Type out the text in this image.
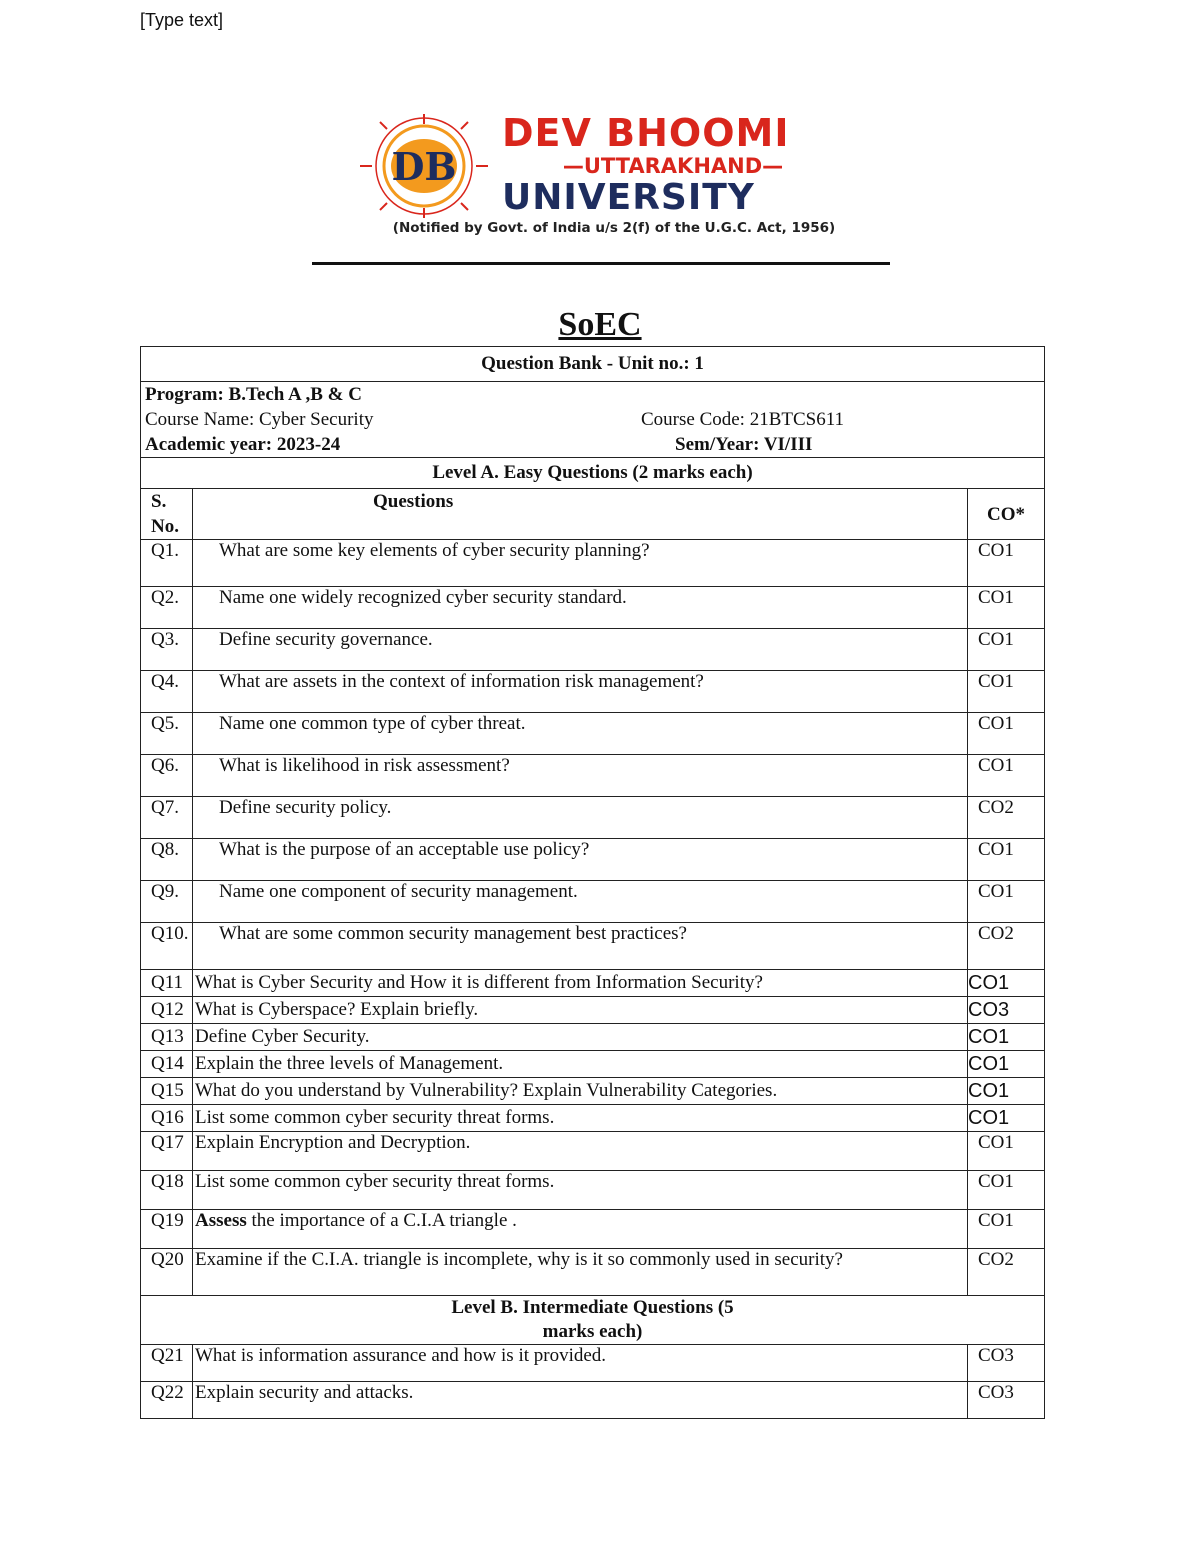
[Type text]
DB
DEV BHOOMI
—UTTARAKHAND—
UNIVERSITY
(Notified by Govt. of India u/s 2(f) of the U.G.C. Act, 1956)
SoEC
Question Bank - Unit no.: 1		

Program: B.Tech A ,B & C
Course Name: Cyber Security Course Code: 21BTCS611
Academic year: 2023-24 Sem/Year: VI/III		

Level A. Easy Questions (2 marks each)		
S. No.	Questions	CO*
Q1.	What are some key elements of cyber security planning?	CO1
Q2.	Name one widely recognized cyber security standard.	CO1
Q3.	Define security governance.	CO1
Q4.	What are assets in the context of information risk management?	CO1
Q5.	Name one common type of cyber threat.	CO1
Q6.	What is likelihood in risk assessment?	CO1
Q7.	Define security policy.	CO2
Q8.	What is the purpose of an acceptable use policy?	CO1
Q9.	Name one component of security management.	CO1
Q10.	What are some common security management best practices?	CO2
Q11	What is Cyber Security and How it is different from Information Security?	CO1
Q12	What is Cyberspace? Explain briefly.	CO3
Q13	Define Cyber Security.	CO1
Q14	Explain the three levels of Management.	CO1
Q15	What do you understand by Vulnerability? Explain Vulnerability Categories.	CO1
Q16	List some common cyber security threat forms.	CO1
Q17	Explain Encryption and Decryption.	CO1
Q18	List some common cyber security threat forms.	CO1
Q19	Assess the importance of a C.I.A triangle .	CO1
Q20	Examine if the C.I.A. triangle is incomplete, why is it so commonly used in security?	CO2
Level B. Intermediate Questions (5 marks each)		
Q21	What is information assurance and how is it provided.	CO3
Q22	Explain security and attacks.	CO3
